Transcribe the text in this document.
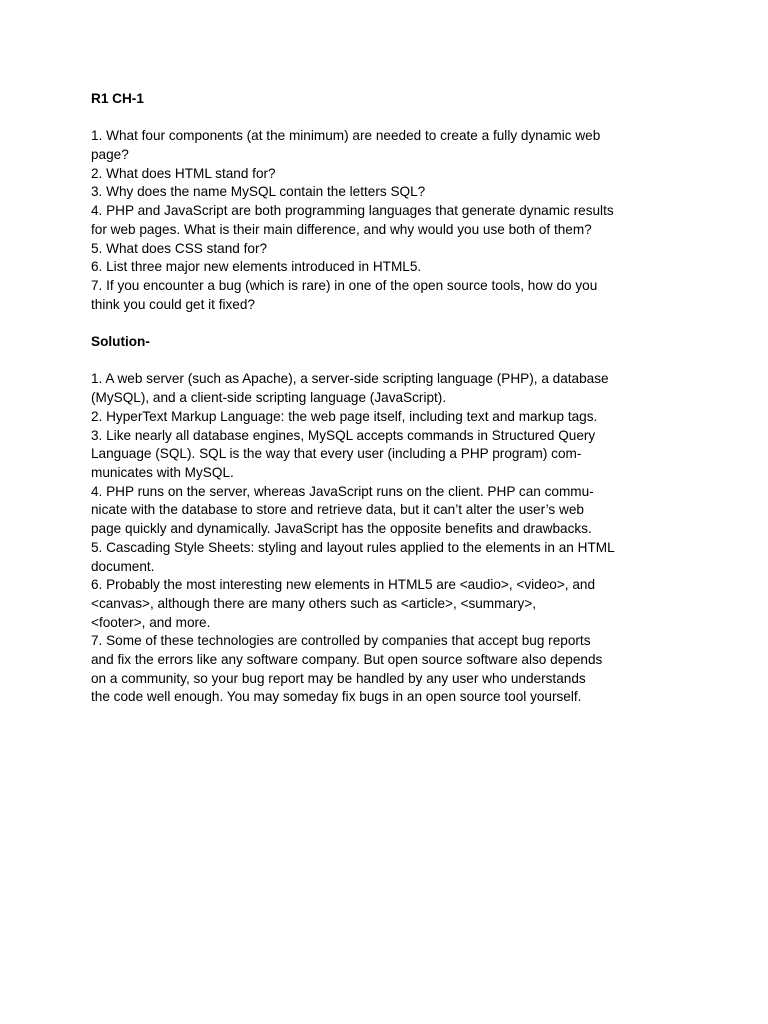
R1 CH-1

1. What four components (at the minimum) are needed to create a fully dynamic web

page?

2. What does HTML stand for?

3. Why does the name MySQL contain the letters SQL?

4. PHP and JavaScript are both programming languages that generate dynamic results

for web pages. What is their main difference, and why would you use both of them?

5. What does CSS stand for?

6. List three major new elements introduced in HTML5.

7. If you encounter a bug (which is rare) in one of the open source tools, how do you

think you could get it fixed?

Solution-

1. A web server (such as Apache), a server-side scripting language (PHP), a database

(MySQL), and a client-side scripting language (JavaScript).

2. HyperText Markup Language: the web page itself, including text and markup tags.

3. Like nearly all database engines, MySQL accepts commands in Structured Query

Language (SQL). SQL is the way that every user (including a PHP program) com-

municates with MySQL.

4. PHP runs on the server, whereas JavaScript runs on the client. PHP can commu-

nicate with the database to store and retrieve data, but it can’t alter the user’s web

page quickly and dynamically. JavaScript has the opposite benefits and drawbacks.

5. Cascading Style Sheets: styling and layout rules applied to the elements in an HTML

document.

6. Probably the most interesting new elements in HTML5 are <audio>, <video>, and

<canvas>, although there are many others such as <article>, <summary>,

<footer>, and more.

7. Some of these technologies are controlled by companies that accept bug reports

and fix the errors like any software company. But open source software also depends

on a community, so your bug report may be handled by any user who understands

the code well enough. You may someday fix bugs in an open source tool yourself.
